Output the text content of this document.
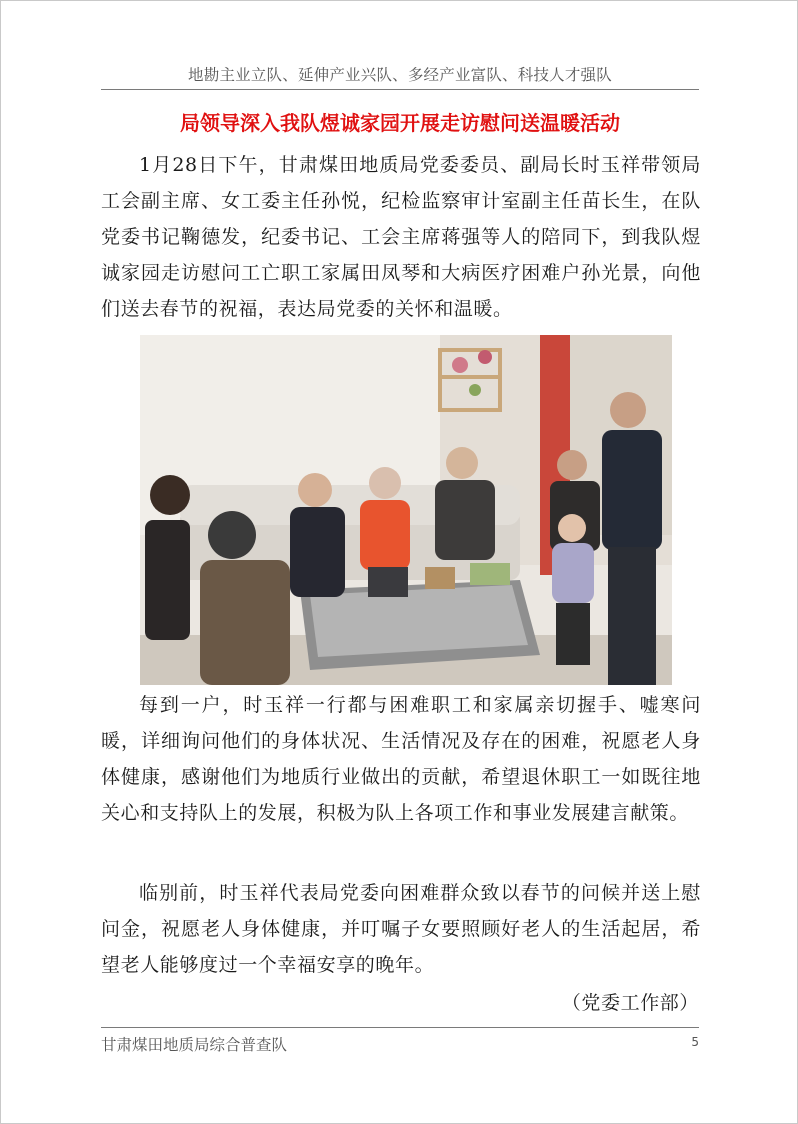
地勘主业立队、延伸产业兴队、多经产业富队、科技人才强队
局领导深入我队煜诚家园开展走访慰问送温暖活动
1月28日下午，甘肃煤田地质局党委委员、副局长时玉祥带领局工会副主席、女工委主任孙悦，纪检监察审计室副主任苗长生，在队党委书记鞠德发，纪委书记、工会主席蒋强等人的陪同下，到我队煜诚家园走访慰问工亡职工家属田凤琴和大病医疗困难户孙光景，向他们送去春节的祝福，表达局党委的关怀和温暖。
每到一户，时玉祥一行都与困难职工和家属亲切握手、嘘寒问暖，详细询问他们的身体状况、生活情况及存在的困难，祝愿老人身体健康，感谢他们为地质行业做出的贡献，希望退休职工一如既往地关心和支持队上的发展，积极为队上各项工作和事业发展建言献策。
临别前，时玉祥代表局党委向困难群众致以春节的问候并送上慰问金，祝愿老人身体健康，并叮嘱子女要照顾好老人的生活起居，希望老人能够度过一个幸福安享的晚年。
（党委工作部）
甘肃煤田地质局综合普查队	5
